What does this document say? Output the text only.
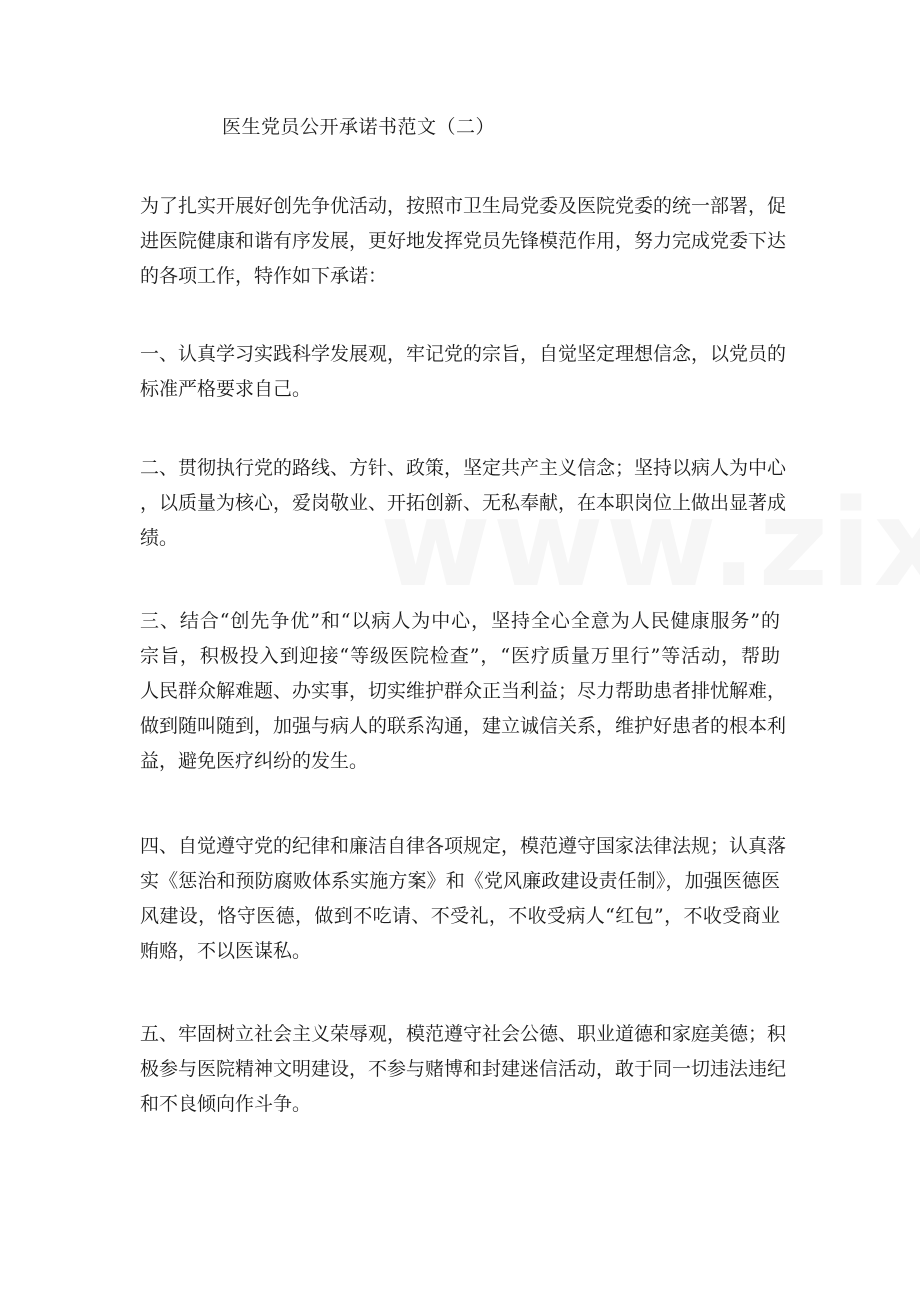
医生党员公开承诺书范文（二）

为了扎实开展好创先争优活动，按照市卫生局党委及医院党委的统一部署，促
进医院健康和谐有序发展，更好地发挥党员先锋模范作用，努力完成党委下达
的各项工作，特作如下承诺：

一、认真学习实践科学发展观，牢记党的宗旨，自觉坚定理想信念，以党员的
标准严格要求自己。

二、贯彻执行党的路线、方针、政策，坚定共产主义信念；坚持以病人为中心
，以质量为核心，爱岗敬业、开拓创新、无私奉献，在本职岗位上做出显著成
绩。

三、结合“创先争优”和“以病人为中心，坚持全心全意为人民健康服务”的
宗旨，积极投入到迎接“等级医院检查”，“医疗质量万里行”等活动，帮助
人民群众解难题、办实事，切实维护群众正当利益；尽力帮助患者排忧解难，
做到随叫随到，加强与病人的联系沟通，建立诚信关系，维护好患者的根本利
益，避免医疗纠纷的发生。

四、自觉遵守党的纪律和廉洁自律各项规定，模范遵守国家法律法规；认真落
实《惩治和预防腐败体系实施方案》和《党风廉政建设责任制》，加强医德医
风建设，恪守医德，做到不吃请、不受礼，不收受病人“红包”，不收受商业
贿赂，不以医谋私。

五、牢固树立社会主义荣辱观，模范遵守社会公德、职业道德和家庭美德；积
极参与医院精神文明建设，不参与赌博和封建迷信活动，敢于同一切违法违纪
和不良倾向作斗争。
